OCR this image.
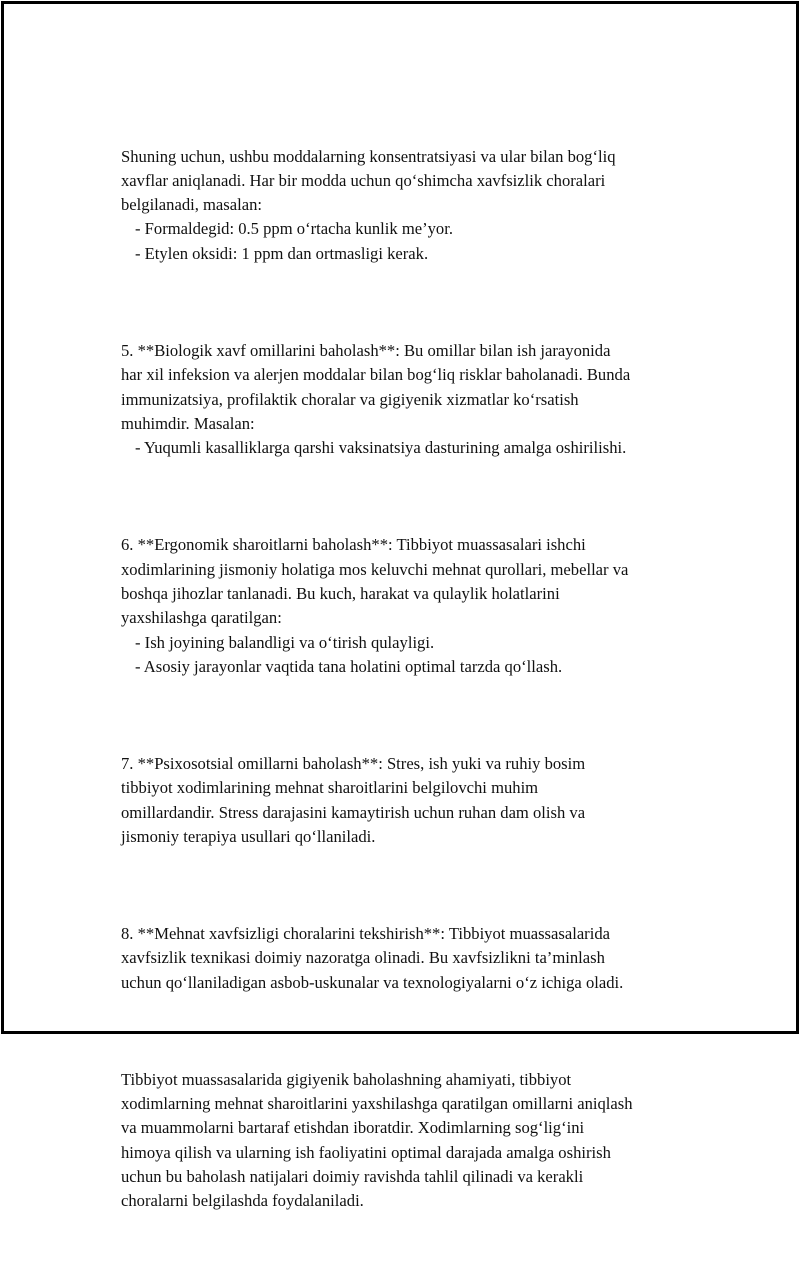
Shuning uchun, ushbu moddalarning konsentratsiyasi va ular bilan bog‘liq
xavflar aniqlanadi. Har bir modda uchun qo‘shimcha xavfsizlik choralari
belgilanadi, masalan:

- Formaldegid: 0.5 ppm o‘rtacha kunlik me’yor.
- Etylen oksidi: 1 ppm dan ortmasligi kerak.

5. **Biologik xavf omillarini baholash**: Bu omillar bilan ish jarayonida
har xil infeksion va alerjen moddalar bilan bog‘liq risklar baholanadi. Bunda
immunizatsiya, profilaktik choralar va gigiyenik xizmatlar ko‘rsatish
muhimdir. Masalan:

- Yuqumli kasalliklarga qarshi vaksinatsiya dasturining amalga oshirilishi.

6. **Ergonomik sharoitlarni baholash**: Tibbiyot muassasalari ishchi
xodimlarining jismoniy holatiga mos keluvchi mehnat qurollari, mebellar va
boshqa jihozlar tanlanadi. Bu kuch, harakat va qulaylik holatlarini
yaxshilashga qaratilgan:

- Ish joyining balandligi va o‘tirish qulayligi.
- Asosiy jarayonlar vaqtida tana holatini optimal tarzda qo‘llash.

7. **Psixosotsial omillarni baholash**: Stres, ish yuki va ruhiy bosim
tibbiyot xodimlarining mehnat sharoitlarini belgilovchi muhim
omillardandir. Stress darajasini kamaytirish uchun ruhan dam olish va
jismoniy terapiya usullari qo‘llaniladi.

8. **Mehnat xavfsizligi choralarini tekshirish**: Tibbiyot muassasalarida
xavfsizlik texnikasi doimiy nazoratga olinadi. Bu xavfsizlikni ta’minlash
uchun qo‘llaniladigan asbob-uskunalar va texnologiyalarni o‘z ichiga oladi.

Tibbiyot muassasalarida gigiyenik baholashning ahamiyati, tibbiyot
xodimlarning mehnat sharoitlarini yaxshilashga qaratilgan omillarni aniqlash
va muammolarni bartaraf etishdan iboratdir. Xodimlarning sog‘lig‘ini
himoya qilish va ularning ish faoliyatini optimal darajada amalga oshirish
uchun bu baholash natijalari doimiy ravishda tahlil qilinadi va kerakli
choralarni belgilashda foydalaniladi.
